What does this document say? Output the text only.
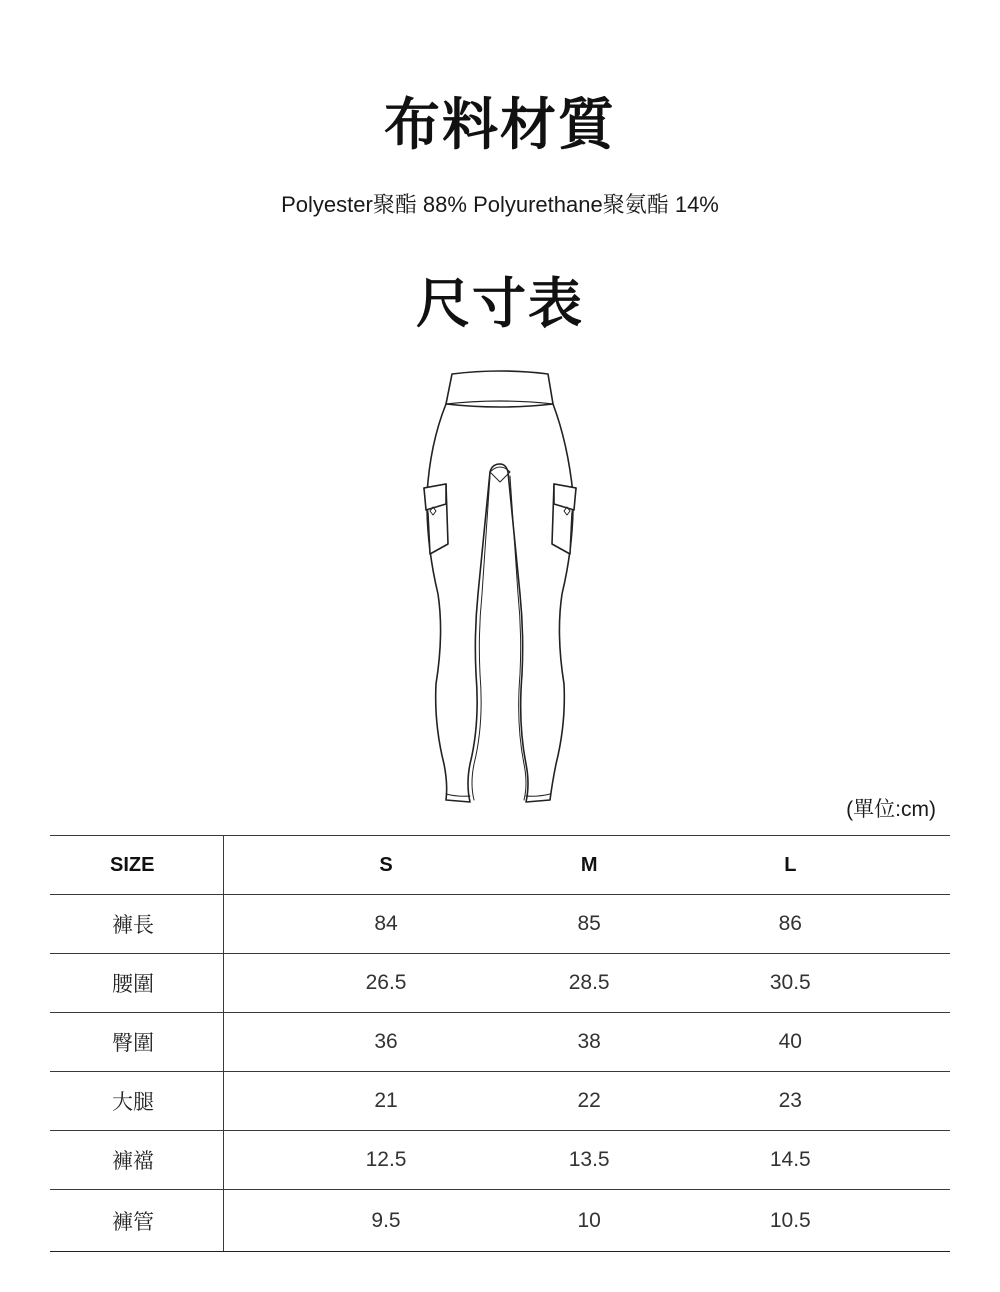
布料材質
Polyester聚酯 88% Polyurethane聚氨酯 14%
尺寸表
(單位:cm)
SIZE	S	M	L
褲長	84	85	86
腰圍	26.5	28.5	30.5
臀圍	36	38	40
大腿	21	22	23
褲襠	12.5	13.5	14.5
褲管	9.5	10	10.5
